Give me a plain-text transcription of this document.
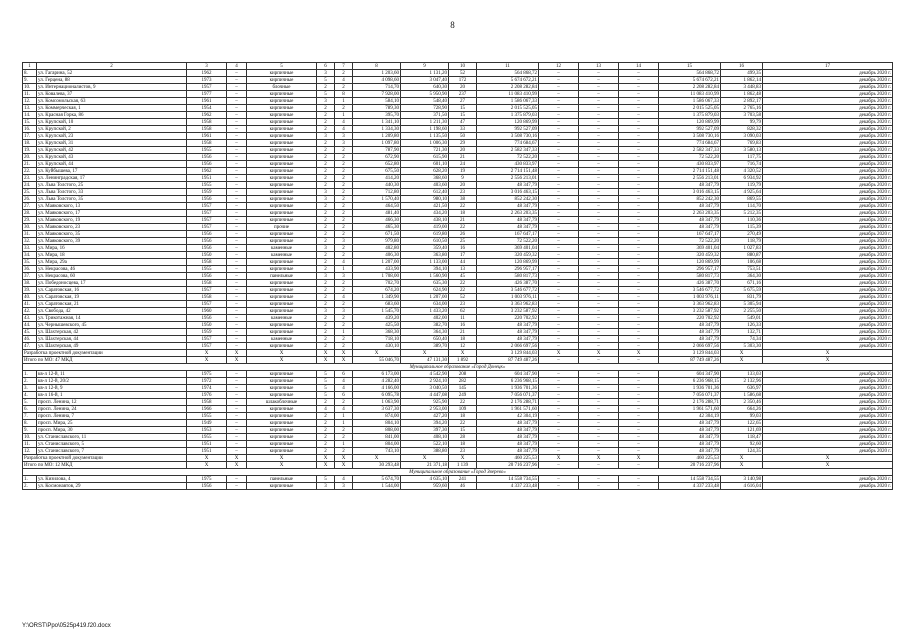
8
1	2	3	4	5	6	7	8	9	10	11	12	13	14	15	16	17
8.	ул. Гагарина, 52	1962	–	кирпичные	3	2	1 203,60	1 131,20	52	564 868,72	–	–	–	564 868,72	499,35	декабрь 2020 г.
9.	ул. Герцена, 88	1973	–	кирпичные	5	4	4 098,60	3 047,40	172	5 674 672,21	–	–	–	5 674 672,21	1 862,14	декабрь 2020 г.
10.	ул. Интернационалистов, 9	1957	–	блочные	2	2	714,70	640,30	20	2 208 282,84	–	–	–	2 208 282,84	3 448,83	декабрь 2020 г.
11.	ул. Ковалева, 37	1977	–	кирпичные	5	8	7 928,00	5 950,90	237	11 083 410,99	–	–	–	11 083 410,99	1 862,48	декабрь 2020 г.
12.	ул. Комсомольская, 63	1961	–	кирпичные	3	1	584,10	548,40	27	1 586 067,33	–	–	–	1 586 067,33	2 892,17	декабрь 2020 г.
13.	ул. Коммерческая, 1	1954	–	кирпичные	2	2	789,30	728,90	15	2 015 525,05	–	–	–	2 015 525,05	2 765,16	декабрь 2020 г.
14.	ул. Красная Горка, 86	1962	–	кирпичные	2	1	395,70	371,50	15	1 375 879,03	–	–	–	1 375 879,03	3 703,58	декабрь 2020 г.
15.	ул. Крупской, 10	1958	–	кирпичные	2	4	1 341,10	1 211,30	47	120 869,99	–	–	–	120 869,99	99,79	декабрь 2020 г.
16.	ул. Крупской, 2	1958	–	кирпичные	2	4	1 334,30	1 198,60	33	992 527,09	–	–	–	992 527,09	828,32	декабрь 2020 г.
17.	ул. Крупской, 23	1961	–	кирпичные	3	3	1 209,80	1 135,50	50	3 508 730,16	–	–	–	3 508 730,16	3 090,03	декабрь 2020 г.
18.	ул. Крупской, 31	1958	–	кирпичные	2	3	1 097,80	1 006,30	29	774 684,67	–	–	–	774 684,67	769,83	декабрь 2020 г.
19.	ул. Крупской, 42	1955	–	кирпичные	2	2	787,90	721,30	20	2 582 347,33	–	–	–	2 582 347,33	3 580,13	декабрь 2020 г.
20.	ул. Крупской, 43	1956	–	кирпичные	2	2	672,90	615,90	21	72 522,20	–	–	–	72 522,20	117,75	декабрь 2020 г.
21.	ул. Крупской, 44	1956	–	кирпичные	2	2	652,80	601,10	24	430 833,97	–	–	–	430 833,97	716,74	декабрь 2020 г.
22.	ул. Куйбышева, 17	1962	–	кирпичные	2	2	675,50	628,20	19	2 714 151,48	–	–	–	2 714 151,48	4 320,52	декабрь 2020 г.
23.	ул. Ленинградская, 17	1951	–	кирпичные	2	2	414,20	368,60	9	2 556 213,01	–	–	–	2 556 213,01	6 934,92	декабрь 2020 г.
24.	ул. Льва Толстого, 25	1955	–	кирпичные	2	2	440,30	403,60	20	48 347,79	–	–	–	48 347,79	119,79	декабрь 2020 г.
25.	ул. Льва Толстого, 33	1959	–	кирпичные	3	2	712,80	612,40	23	3 016 463,15	–	–	–	3 016 463,15	4 925,64	декабрь 2020 г.
26.	ул. Льва Толстого, 35	1956	–	кирпичные	3	2	1 570,40	980,10	38	852 242,30	–	–	–	852 242,30	869,55	декабрь 2020 г.
27.	ул. Маяковского, 13	1957	–	кирпичные	2	2	464,50	421,50	22	48 347,79	–	–	–	48 347,79	114,70	декабрь 2020 г.
28.	ул. Маяковского, 17	1957	–	кирпичные	2	2	481,40	434,20	18	2 263 203,35	–	–	–	2 263 203,35	5 212,35	декабрь 2020 г.
29.	ул. Маяковского, 19	1957	–	кирпичные	2	2	466,30	438,10	21	48 347,79	–	–	–	48 347,79	110,36	декабрь 2020 г.
30.	ул. Маяковского, 23	1957	–	прочие	2	2	465,30	419,00	22	48 347,79	–	–	–	48 347,79	115,39	декабрь 2020 г.
31.	ул. Маяковского, 35	1956	–	кирпичные	2	2	671,50	619,80	26	167 647,17	–	–	–	167 647,17	270,49	декабрь 2020 г.
32.	ул. Маяковского, 39	1956	–	кирпичные	2	3	979,80	610,50	25	72 522,20	–	–	–	72 522,20	118,79	декабрь 2020 г.
33.	ул. Мира, 16	1956	–	каменные	3	2	402,80	359,40	16	369 401,04	–	–	–	369 401,04	1 027,83	декабрь 2020 г.
34.	ул. Мира, 18	1950	–	каменные	2	2	406,30	363,80	17	320 459,32	–	–	–	320 459,32	880,87	декабрь 2020 г.
35.	ул. Мира, 29а	1958	–	кирпичные	2	4	1 207,00	1 133,00	44	120 869,99	–	–	–	120 869,99	106,68	декабрь 2020 г.
36.	ул. Некрасова, 46	1955	–	кирпичные	2	1	433,90	394,10	13	296 957,17	–	–	–	296 957,17	753,51	декабрь 2020 г.
37.	ул. Некрасова, 60	1956	–	панельные	3	3	1 708,00	1 560,90	45	580 817,73	–	–	–	580 817,73	364,30	декабрь 2020 г.
38.	ул. Победоносцева, 17	1958	–	кирпичные	2	2	702,70	635,30	22	426 387,70	–	–	–	426 387,70	671,16	декабрь 2020 г.
39.	ул. Саратовская, 16	1957	–	кирпичные	2	2	674,20	624,90	22	3 546 677,72	–	–	–	3 546 677,72	5 675,59	декабрь 2020 г.
40.	ул. Саратовская, 19	1958	–	кирпичные	2	4	1 349,90	1 207,00	52	1 003 976,11	–	–	–	1 003 976,11	831,79	декабрь 2020 г.
41.	ул. Саратовская, 21	1957	–	кирпичные	2	2	683,60	634,00	23	3 363 962,83	–	–	–	3 363 962,83	5 305,94	декабрь 2020 г.
42.	ул. Свобода, 42	1960	–	кирпичные	3	3	1 545,70	1 433,20	62	3 232 587,92	–	–	–	3 232 587,92	2 255,50	декабрь 2020 г.
43.	ул. Трикотажная, 14	1956	–	каменные	2	2	439,20	402,00	11	220 702,92	–	–	–	220 702,92	549,01	декабрь 2020 г.
44.	ул. Чернышевского, 45	1950	–	кирпичные	2	2	425,50	382,70	16	48 347,79	–	–	–	48 347,79	126,33	декабрь 2020 г.
45.	ул. Шахтерская, 42	1959	–	кирпичные	2	1	368,30	364,30	21	48 347,79	–	–	–	48 347,79	132,71	декабрь 2020 г.
46.	ул. Шахтерская, 44	1957	–	каменные	2	2	718,10	650,40	18	48 347,79	–	–	–	48 347,79	74,34	декабрь 2020 г.
47.	ул. Шахтерская, 49	1957	–	кирпичные	2	2	430,10	389,70	12	2 066 697,56	–	–	–	2 066 697,56	5 303,30	декабрь 2020 г.
Разработка проектной документации		X	X	X	X	X	X	X	X	3 129 844,03	X	X	X	3 129 844,03	X	X
Итого по МО: 47 МКД		X	X	X	X	X	55 046,70	47 131,30	1 892	87 749 487,26	–	–	–	87 749 487,26	X	X
Муниципальное образование «Город Донецк»																
1.	кв-л 12-й, 11	1975	–	кирпичные	5	6	6 173,00	4 542,90	208	604 347,90	–	–	–	604 347,90	133,03	декабрь 2020 г.
2.	кв-л 12-й, 20/2	1972	–	кирпичные	5	4	4 282,40	2 924,10	282	6 236 968,15	–	–	–	6 236 968,15	2 132,96	декабрь 2020 г.
3.	кв-л 12-й, 9	1974	–	кирпичные	5	4	4 166,00	3 040,50	145	1 936 701,36	–	–	–	1 936 701,36	636,97	декабрь 2020 г.
4.	кв-л 16-й, 1	1976	–	кирпичные	5	6	6 095,78	4 447,08	249	7 056 071,37	–	–	–	7 056 071,37	1 586,68	декабрь 2020 г.
5.	просп. Ленина, 12	1958	–	шлакоблочные	2	2	1 063,90	925,90	22	2 176 288,71	–	–	–	2 176 288,71	2 350,46	декабрь 2020 г.
6.	просп. Ленина, 24	1966	–	кирпичные	4	4	3 637,30	2 953,00	109	1 961 571,60	–	–	–	1 961 571,60	664,26	декабрь 2020 г.
7.	просп. Ленина, 7	1955	–	кирпичные	2	1	874,00	427,20	18	42 304,19	–	–	–	42 304,19	99,03	декабрь 2020 г.
8.	просп. Мира, 25	1949	–	кирпичные	2	1	804,10	394,20	22	48 347,79	–	–	–	48 347,79	122,65	декабрь 2020 г.
9.	просп. Мира, 30	1953	–	кирпичные	2	2	808,00	397,30	15	48 347,79	–	–	–	48 347,79	121,69	декабрь 2020 г.
10.	ул. Станиславского, 11	1955	–	кирпичные	2	2	841,00	408,10	28	48 347,79	–	–	–	48 347,79	118,47	декабрь 2020 г.
11.	ул. Станиславского, 5	1951	–	кирпичные	2	1	804,00	522,10	18	48 347,79	–	–	–	48 347,79	92,60	декабрь 2020 г.
12.	ул. Станиславского, 7	1951	–	кирпичные	2	2	743,10	388,80	23	48 347,79	–	–	–	48 347,79	124,35	декабрь 2020 г.
Разработка проектной документации		X	X	X	X	X	X	X	X	460 225,53	X	X	X	460 225,53	X	X
Итого по МО: 12 МКД		X	X	X	X	X	30 293,48	21 371,18	1 139	20 716 237,96	–	–	–	20 716 237,96	X	X
Муниципальное образование «Город Зверево»																
1.	ул. Кизилова, 4	1975	–	панельные	5	4	5 674,70	4 635,10	241	14 558 734,55	–	–	–	14 558 734,55	3 140,98	декабрь 2020 г.
2.	ул. Космонавтов, 29	1956	–	кирпичные	3	3	1 544,00	959,60	46	4 337 233,48	–	–	–	4 337 233,48	4 616,04	декабрь 2020 г.
Y:\ORST\Ppo\0525p419.f20.docx
